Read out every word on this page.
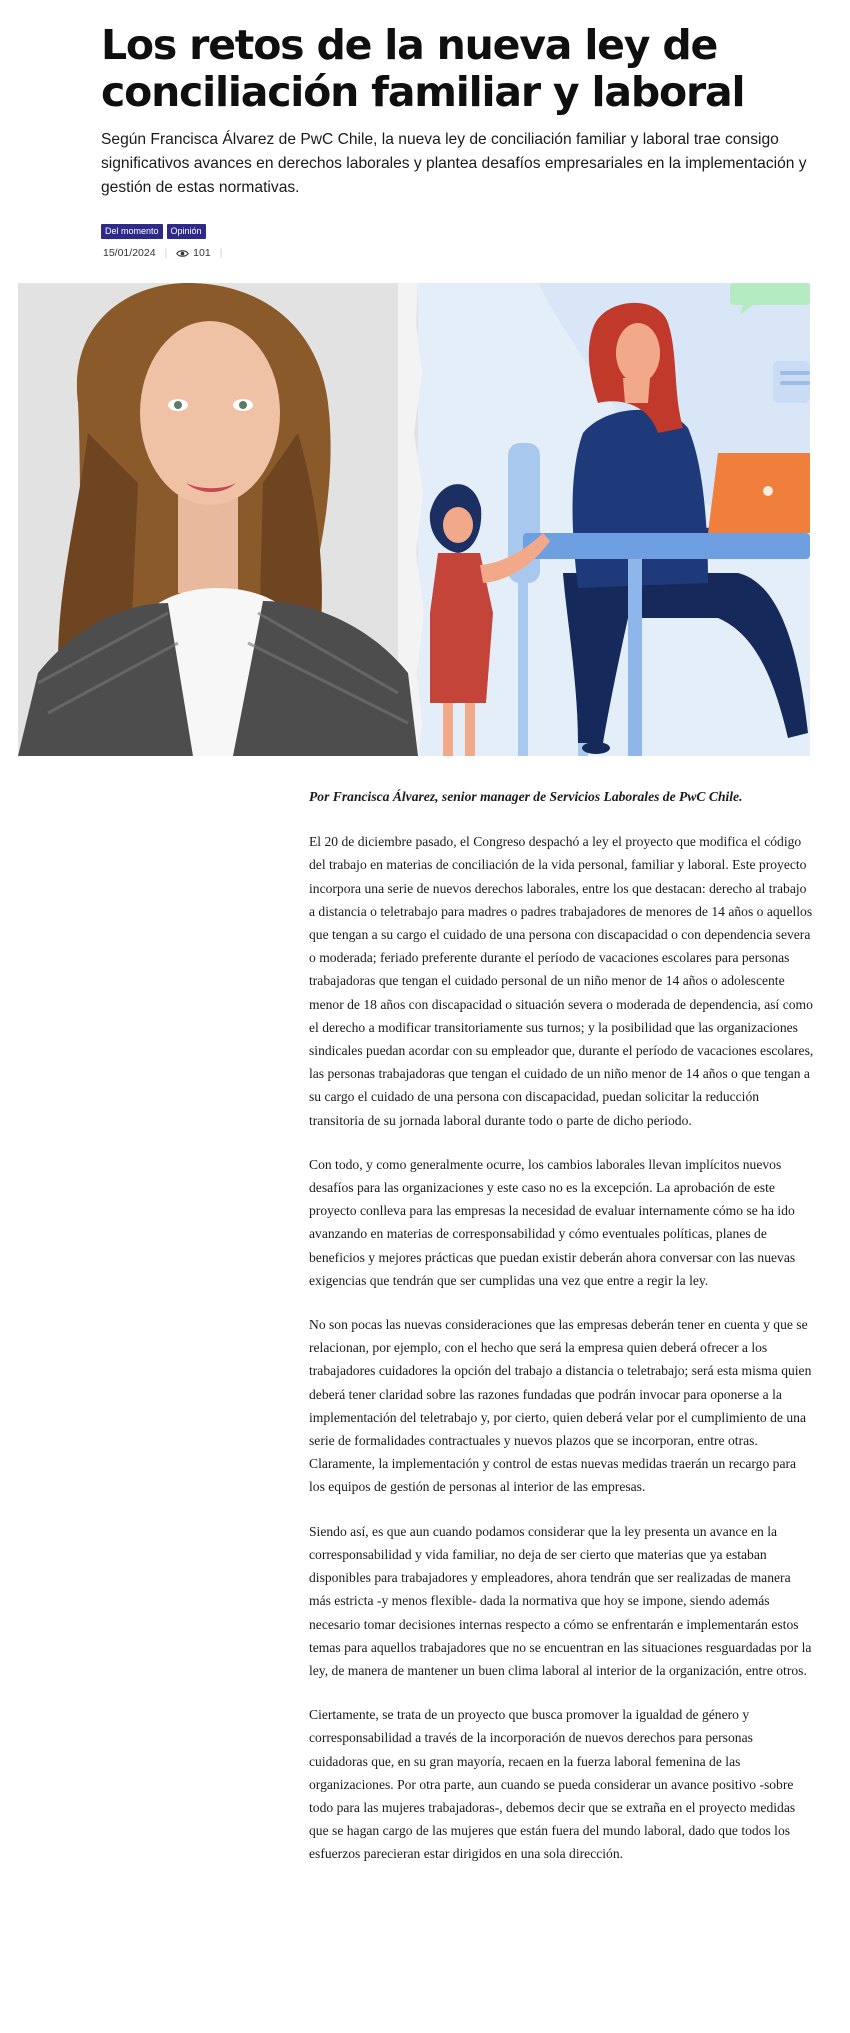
Los retos de la nueva ley de conciliación familiar y laboral

Según Francisca Álvarez de PwC Chile, la nueva ley de conciliación familiar y laboral trae consigo significativos avances en derechos laborales y plantea desafíos empresariales en la implementación y gestión de estas normativas.

Del momento	Opinión
15/01/2024 | 101 |

Por Francisca Álvarez, senior manager de Servicios Laborales de PwC Chile.

El 20 de diciembre pasado, el Congreso despachó a ley el proyecto que modifica el código del trabajo en materias de conciliación de la vida personal, familiar y laboral. Este proyecto incorpora una serie de nuevos derechos laborales, entre los que destacan: derecho al trabajo a distancia o teletrabajo para madres o padres trabajadores de menores de 14 años o aquellos que tengan a su cargo el cuidado de una persona con discapacidad o con dependencia severa o moderada; feriado preferente durante el período de vacaciones escolares para personas trabajadoras que tengan el cuidado personal de un niño menor de 14 años o adolescente menor de 18 años con discapacidad o situación severa o moderada de dependencia, así como el derecho a modificar transitoriamente sus turnos; y la posibilidad que las organizaciones sindicales puedan acordar con su empleador que, durante el período de vacaciones escolares, las personas trabajadoras que tengan el cuidado de un niño menor de 14 años o que tengan a su cargo el cuidado de una persona con discapacidad, puedan solicitar la reducción transitoria de su jornada laboral durante todo o parte de dicho periodo.

Con todo, y como generalmente ocurre, los cambios laborales llevan implícitos nuevos desafíos para las organizaciones y este caso no es la excepción. La aprobación de este proyecto conlleva para las empresas la necesidad de evaluar internamente cómo se ha ido avanzando en materias de corresponsabilidad y cómo eventuales políticas, planes de beneficios y mejores prácticas que puedan existir deberán ahora conversar con las nuevas exigencias que tendrán que ser cumplidas una vez que entre a regir la ley.

No son pocas las nuevas consideraciones que las empresas deberán tener en cuenta y que se relacionan, por ejemplo, con el hecho que será la empresa quien deberá ofrecer a los trabajadores cuidadores la opción del trabajo a distancia o teletrabajo; será esta misma quien deberá tener claridad sobre las razones fundadas que podrán invocar para oponerse a la implementación del teletrabajo y, por cierto, quien deberá velar por el cumplimiento de una serie de formalidades contractuales y nuevos plazos que se incorporan, entre otras. Claramente, la implementación y control de estas nuevas medidas traerán un recargo para los equipos de gestión de personas al interior de las empresas.

Siendo así, es que aun cuando podamos considerar que la ley presenta un avance en la corresponsabilidad y vida familiar, no deja de ser cierto que materias que ya estaban disponibles para trabajadores y empleadores, ahora tendrán que ser realizadas de manera más estricta -y menos flexible- dada la normativa que hoy se impone, siendo además necesario tomar decisiones internas respecto a cómo se enfrentarán e implementarán estos temas para aquellos trabajadores que no se encuentran en las situaciones resguardadas por la ley, de manera de mantener un buen clima laboral al interior de la organización, entre otros.

Ciertamente, se trata de un proyecto que busca promover la igualdad de género y corresponsabilidad a través de la incorporación de nuevos derechos para personas cuidadoras que, en su gran mayoría, recaen en la fuerza laboral femenina de las organizaciones. Por otra parte, aun cuando se pueda considerar un avance positivo -sobre todo para las mujeres trabajadoras-, debemos decir que se extraña en el proyecto medidas que se hagan cargo de las mujeres que están fuera del mundo laboral, dado que todos los esfuerzos parecieran estar dirigidos en una sola dirección.
